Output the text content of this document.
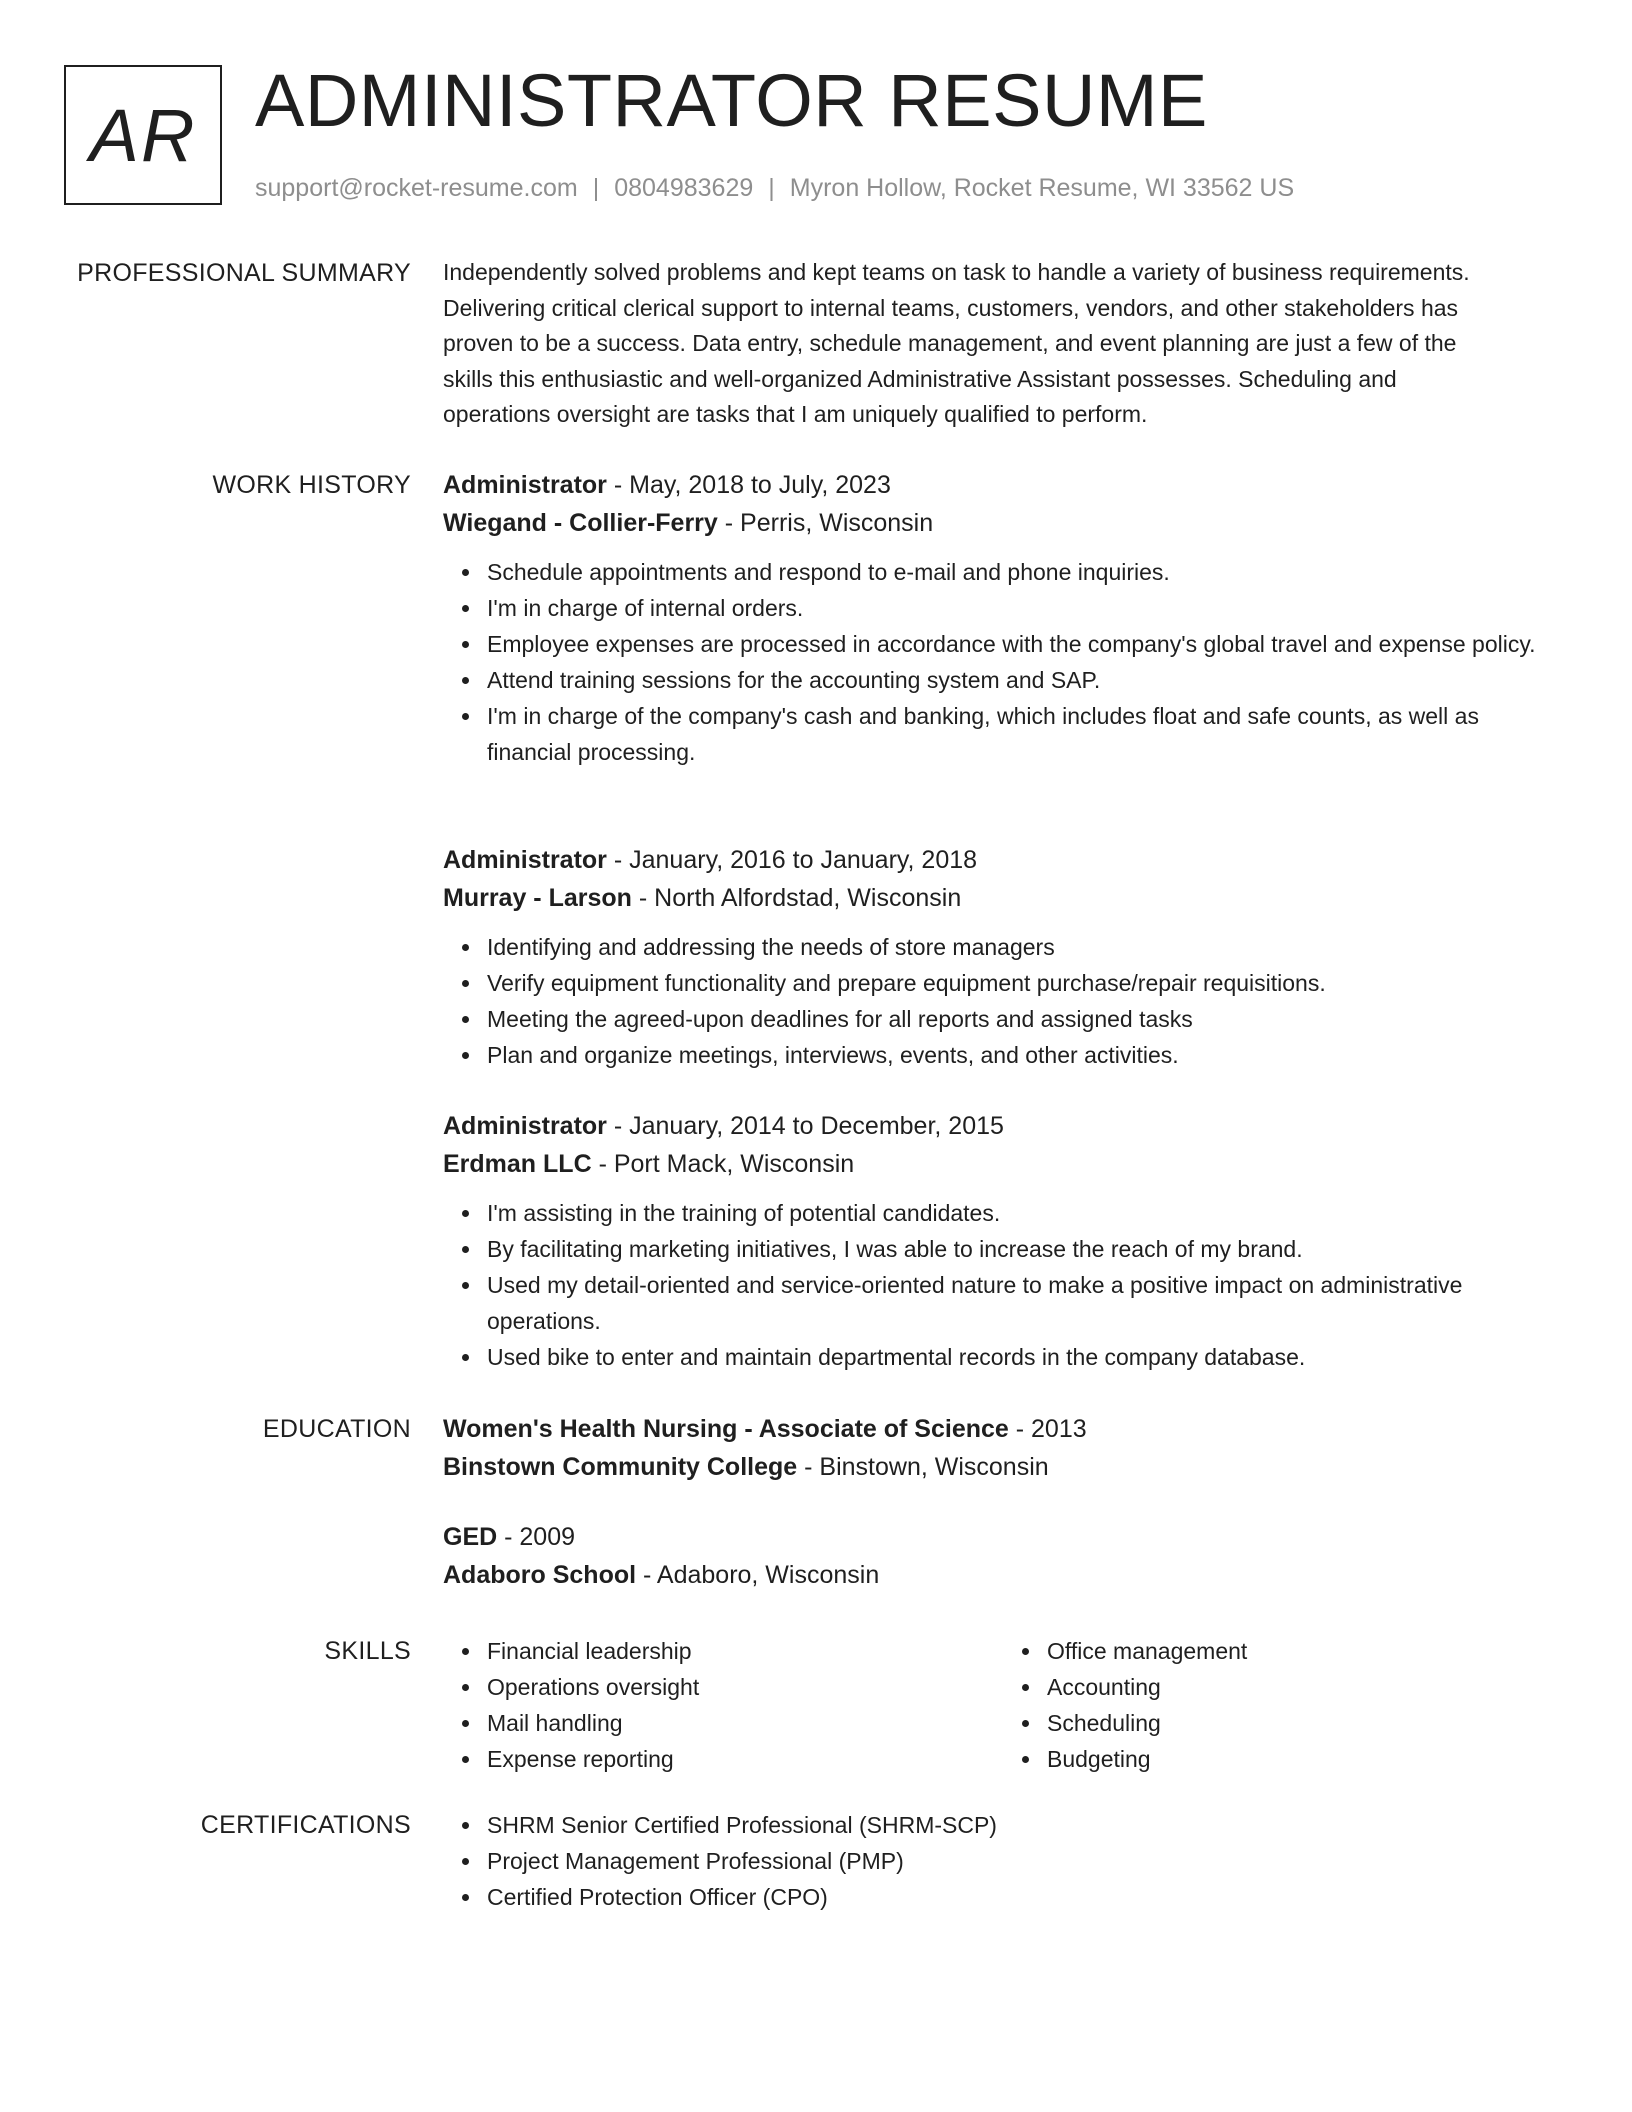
AR ADMINISTRATOR RESUME
support@rocket-resume.com | 0804983629 | Myron Hollow, Rocket Resume, WI 33562 US
PROFESSIONAL SUMMARY Independently solved problems and kept teams on task to handle a variety of business requirements.

Delivering critical clerical support to internal teams, customers, vendors, and other stakeholders has

proven to be a success. Data entry, schedule management, and event planning are just a few of the

skills this enthusiastic and well-organized Administrative Assistant possesses. Scheduling and

operations oversight are tasks that I am uniquely qualified to perform.

WORK HISTORY Administrator - May, 2018 to July, 2023
Wiegand - Collier-Ferry - Perris, Wisconsin
Schedule appointments and respond to e-mail and phone inquiries.
I'm in charge of internal orders.
Employee expenses are processed in accordance with the company's global travel and expense policy.
Attend training sessions for the accounting system and SAP.
I'm in charge of the company's cash and banking, which includes float and safe counts, as well as financial processing.
Administrator - January, 2016 to January, 2018
Murray - Larson - North Alfordstad, Wisconsin
Identifying and addressing the needs of store managers
Verify equipment functionality and prepare equipment purchase/repair requisitions.
Meeting the agreed-upon deadlines for all reports and assigned tasks
Plan and organize meetings, interviews, events, and other activities.
Administrator - January, 2014 to December, 2015
Erdman LLC - Port Mack, Wisconsin
I'm assisting in the training of potential candidates.
By facilitating marketing initiatives, I was able to increase the reach of my brand.
Used my detail-oriented and service-oriented nature to make a positive impact on administrative operations.
Used bike to enter and maintain departmental records in the company database.
EDUCATION Women's Health Nursing - Associate of Science - 2013
Binstown Community College - Binstown, Wisconsin
GED - 2009
Adaboro School - Adaboro, Wisconsin
SKILLS	Financial leadership
Operations oversight
Mail handling
Expense reporting
Office management
Accounting
Scheduling
Budgeting
CERTIFICATIONS	SHRM Senior Certified Professional (SHRM-SCP)
Project Management Professional (PMP)
Certified Protection Officer (CPO)
